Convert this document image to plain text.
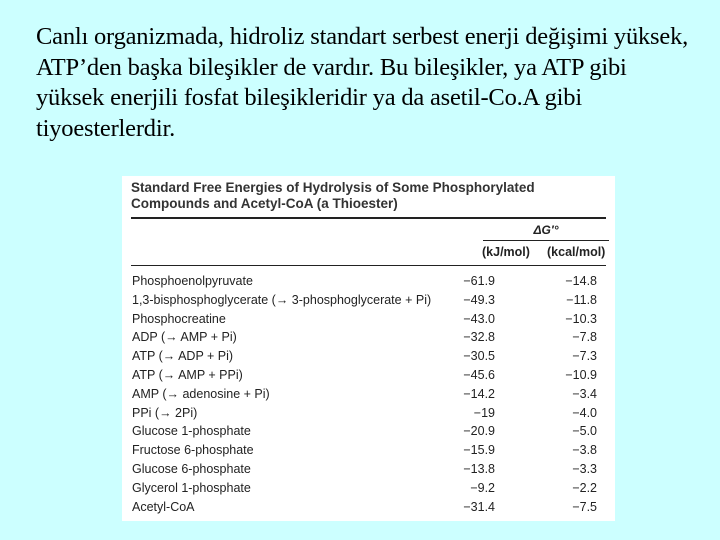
Canlı organizmada, hidroliz standart serbest enerji değişimi yüksek, ATP’den başka bileşikler de vardır. Bu bileşikler, ya ATP gibi yüksek enerjili fosfat bileşikleridir ya da asetil-Co.A gibi tiyoesterlerdir.
Standard Free Energies of Hydrolysis of Some Phosphorylated
Compounds and Acetyl-CoA (a Thioester)
ΔG′°
(kJ/mol) (kcal/mol)
Phosphoenolpyruvate	−61.9	−14.8
1,3-bisphosphoglycerate (→ 3-phosphoglycerate + Pi)	−49.3	−11.8
Phosphocreatine	−43.0	−10.3
ADP (→ AMP + Pi)	−32.8	−7.8
ATP (→ ADP + Pi)	−30.5	−7.3
ATP (→ AMP + PPi)	−45.6	−10.9
AMP (→ adenosine + Pi)	−14.2	−3.4
PPi (→ 2Pi)	−19	−4.0
Glucose 1-phosphate	−20.9	−5.0
Fructose 6-phosphate	−15.9	−3.8
Glucose 6-phosphate	−13.8	−3.3
Glycerol 1-phosphate	−9.2	−2.2
Acetyl-CoA	−31.4	−7.5
